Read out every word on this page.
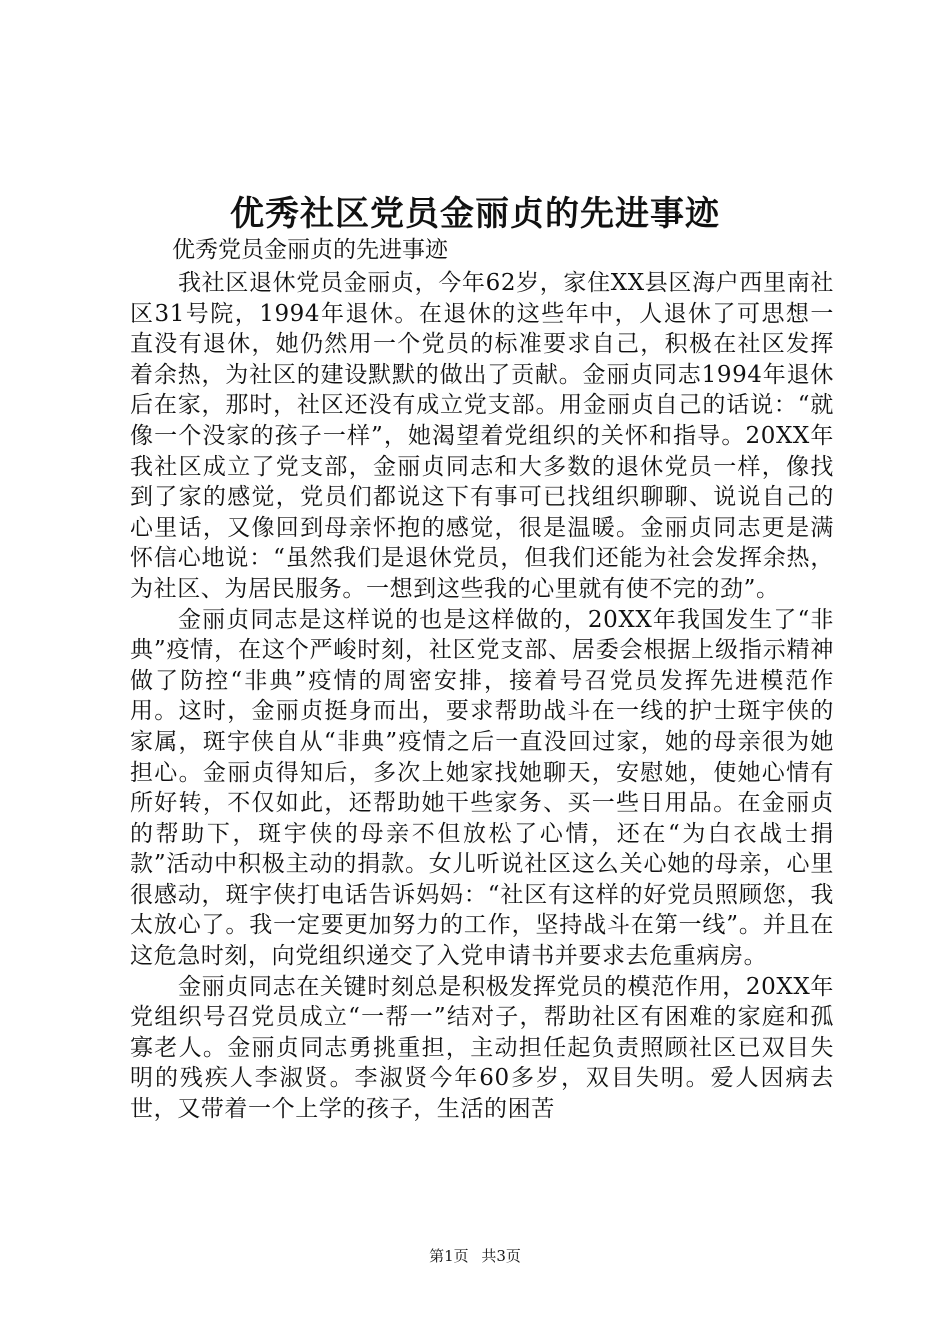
优秀社区党员金丽贞的先进事迹

优秀党员金丽贞的先进事迹

我社区退休党员金丽贞，今年62岁，家住XX县区海户西里南社区31号院，1994年退休。在退休的这些年中，人退休了可思想一直没有退休，她仍然用一个党员的标准要求自己，积极在社区发挥着余热，为社区的建设默默的做出了贡献。金丽贞同志1994年退休后在家，那时，社区还没有成立党支部。用金丽贞自己的话说：“就像一个没家的孩子一样”，她渴望着党组织的关怀和指导。20XX年我社区成立了党支部，金丽贞同志和大多数的退休党员一样，像找到了家的感觉，党员们都说这下有事可已找组织聊聊、说说自己的心里话，又像回到母亲怀抱的感觉，很是温暖。金丽贞同志更是满怀信心地说：“虽然我们是退休党员，但我们还能为社会发挥余热，为社区、为居民服务。一想到这些我的心里就有使不完的劲”。

金丽贞同志是这样说的也是这样做的，20XX年我国发生了“非典”疫情，在这个严峻时刻，社区党支部、居委会根据上级指示精神做了防控“非典”疫情的周密安排，接着号召党员发挥先进模范作用。这时，金丽贞挺身而出，要求帮助战斗在一线的护士斑宇侠的家属，斑宇侠自从“非典”疫情之后一直没回过家，她的母亲很为她担心。金丽贞得知后，多次上她家找她聊天，安慰她，使她心情有所好转，不仅如此，还帮助她干些家务、买一些日用品。在金丽贞的帮助下，斑宇侠的母亲不但放松了心情，还在“为白衣战士捐款”活动中积极主动的捐款。女儿听说社区这么关心她的母亲，心里很感动，斑宇侠打电话告诉妈妈：“社区有这样的好党员照顾您，我太放心了。我一定要更加努力的工作，坚持战斗在第一线”。并且在这危急时刻，向党组织递交了入党申请书并要求去危重病房。

金丽贞同志在关键时刻总是积极发挥党员的模范作用，20XX年党组织号召党员成立“一帮一”结对子，帮助社区有困难的家庭和孤寡老人。金丽贞同志勇挑重担，主动担任起负责照顾社区已双目失明的残疾人李淑贤。李淑贤今年60多岁，双目失明。爱人因病去世，又带着一个上学的孩子，生活的困苦

第1页 共3页
